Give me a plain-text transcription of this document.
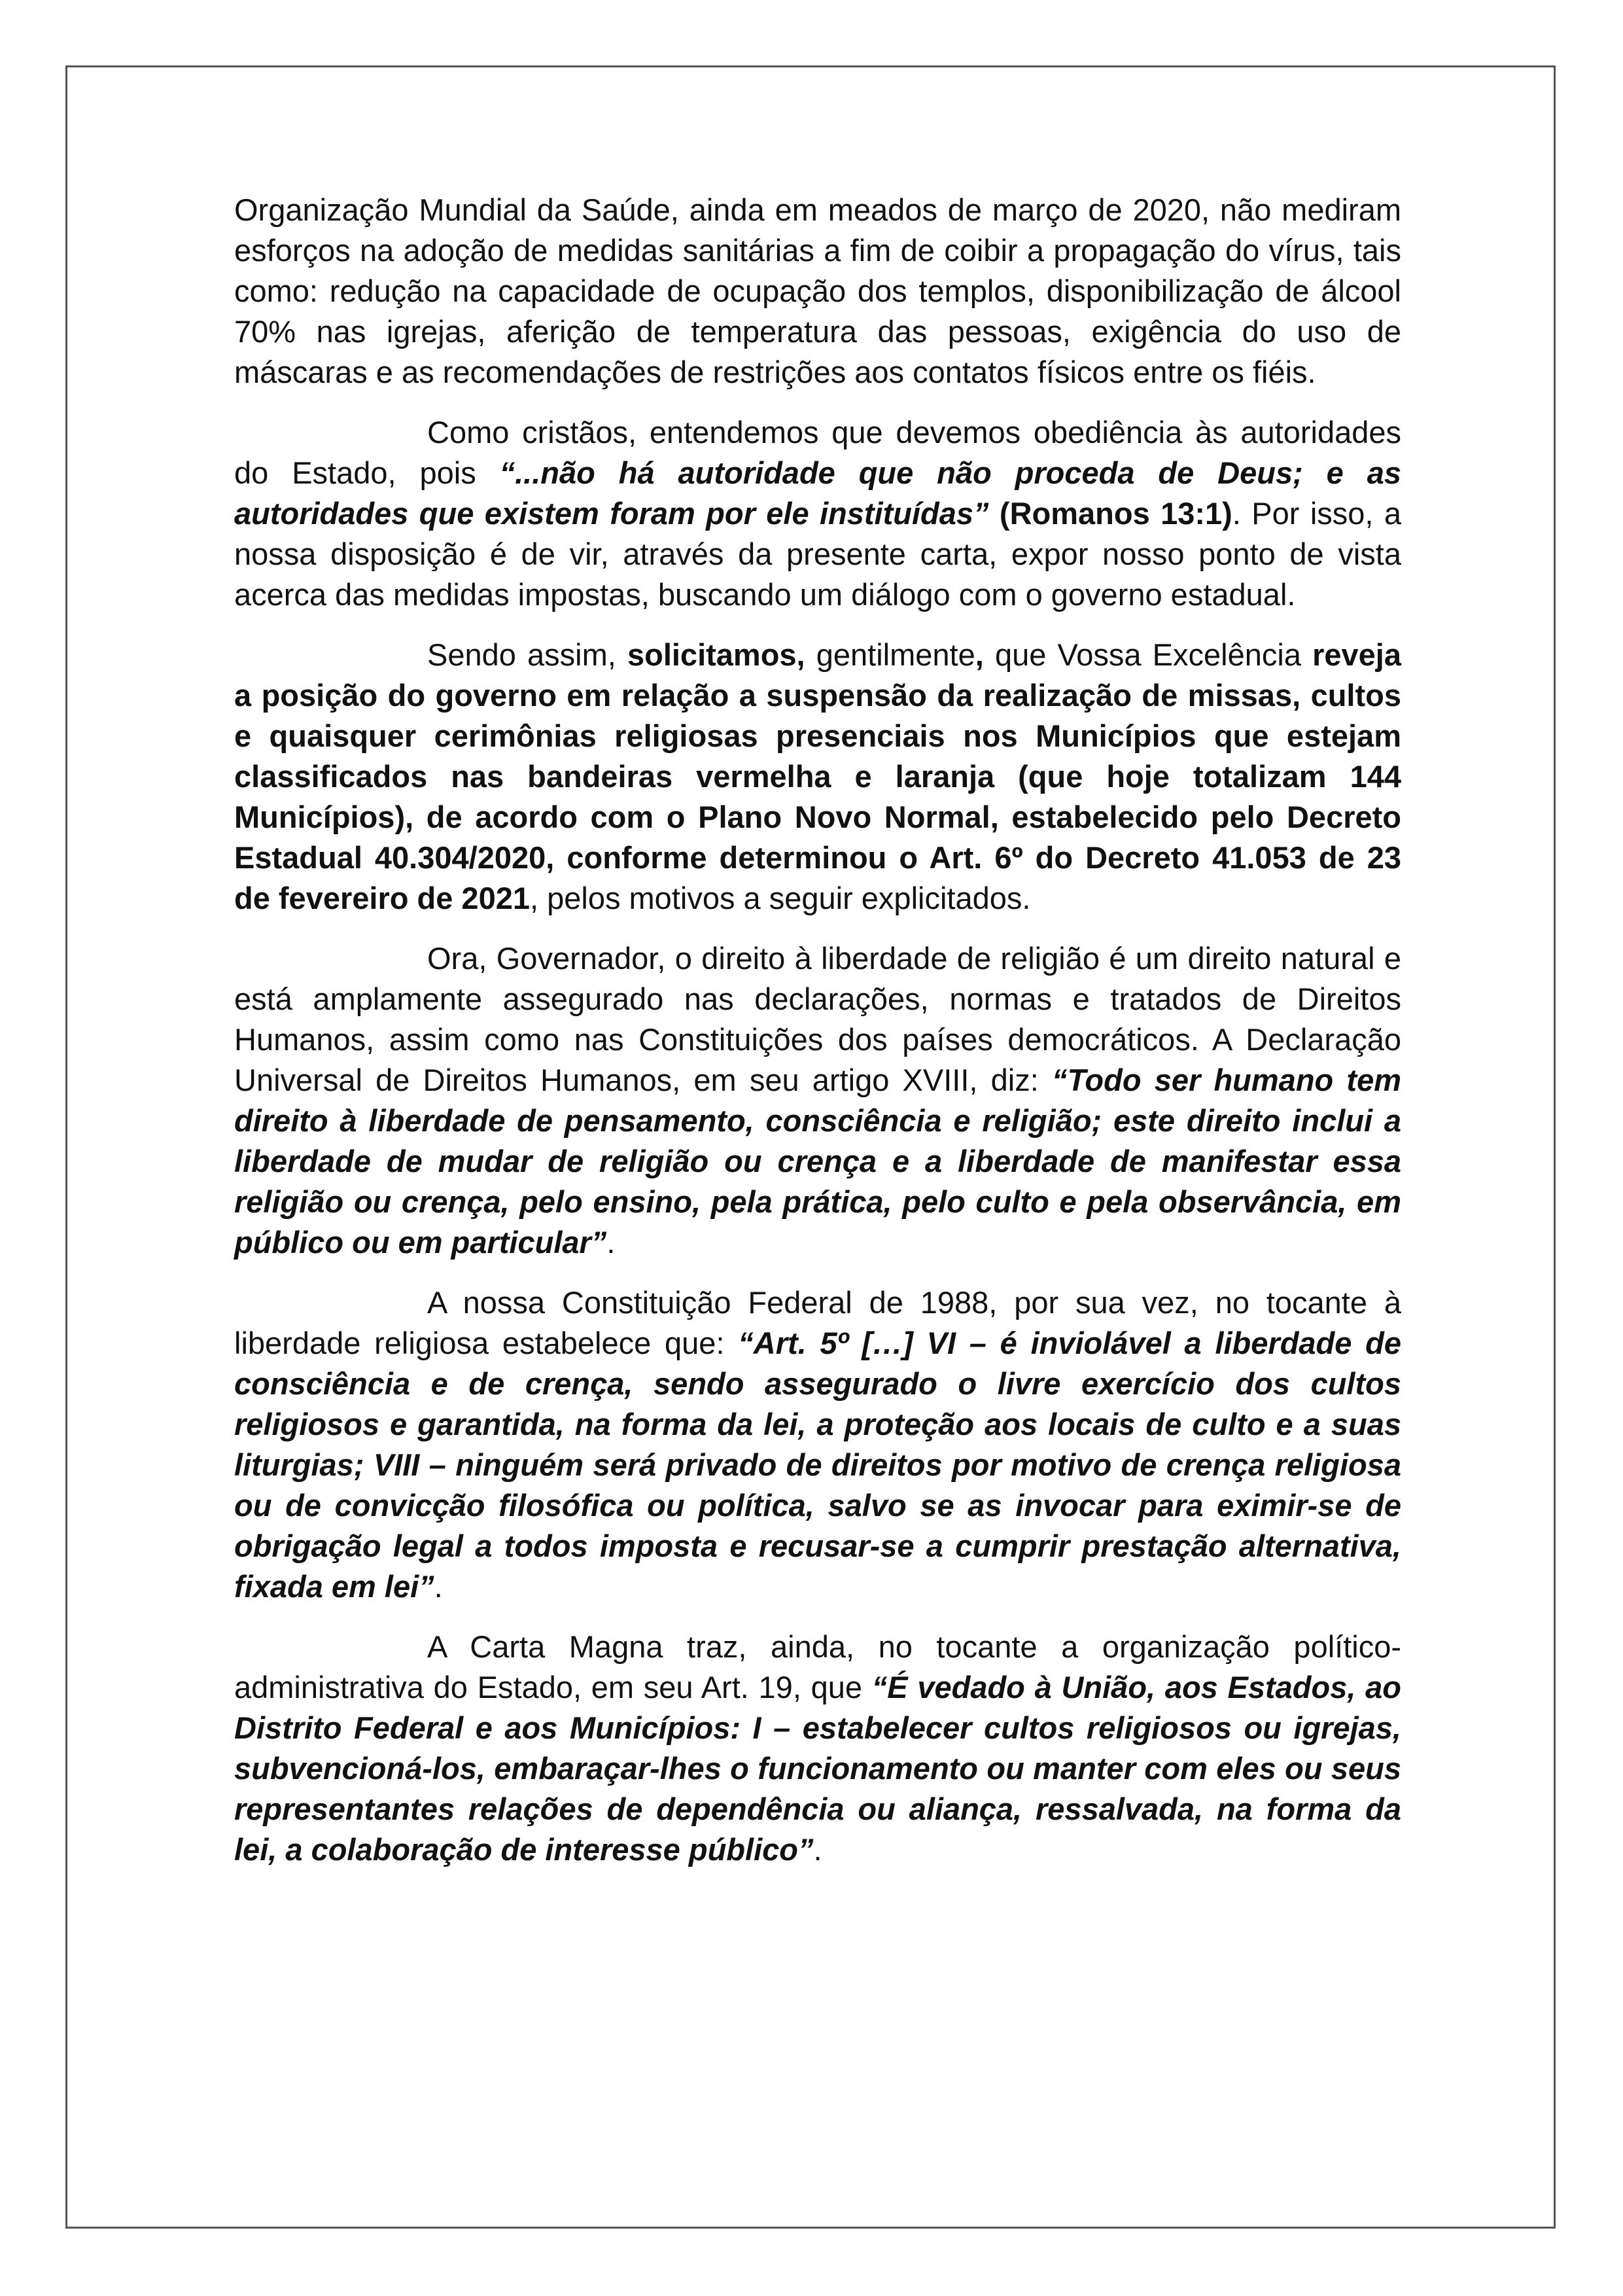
Organização Mundial da Saúde, ainda em meados de março de 2020, não mediram esforços na adoção de medidas sanitárias a fim de coibir a propagação do vírus, tais como: redução na capacidade de ocupação dos templos, disponibilização de álcool 70% nas igrejas, aferição de temperatura das pessoas, exigência do uso de máscaras e as recomendações de restrições aos contatos físicos entre os fiéis.

Como cristãos, entendemos que devemos obediência às autoridades do Estado, pois “...não há autoridade que não proceda de Deus; e as autoridades que existem foram por ele instituídas” (Romanos 13:1). Por isso, a nossa disposição é de vir, através da presente carta, expor nosso ponto de vista acerca das medidas impostas, buscando um diálogo com o governo estadual.

Sendo assim, solicitamos, gentilmente, que Vossa Excelência reveja a posição do governo em relação a suspensão da realização de missas, cultos e quaisquer cerimônias religiosas presenciais nos Municípios que estejam classificados nas bandeiras vermelha e laranja (que hoje totalizam 144 Municípios), de acordo com o Plano Novo Normal, estabelecido pelo Decreto Estadual 40.304/2020, conforme determinou o Art. 6º do Decreto 41.053 de 23 de fevereiro de 2021, pelos motivos a seguir explicitados.

Ora, Governador, o direito à liberdade de religião é um direito natural e está amplamente assegurado nas declarações, normas e tratados de Direitos Humanos, assim como nas Constituições dos países democráticos. A Declaração Universal de Direitos Humanos, em seu artigo XVIII, diz: “Todo ser humano tem direito à liberdade de pensamento, consciência e religião; este direito inclui a liberdade de mudar de religião ou crença e a liberdade de manifestar essa religião ou crença, pelo ensino, pela prática, pelo culto e pela observância, em público ou em particular”.

A nossa Constituição Federal de 1988, por sua vez, no tocante à liberdade religiosa estabelece que: “Art. 5º […] VI – é inviolável a liberdade de consciência e de crença, sendo assegurado o livre exercício dos cultos religiosos e garantida, na forma da lei, a proteção aos locais de culto e a suas liturgias; VIII – ninguém será privado de direitos por motivo de crença religiosa ou de convicção filosófica ou política, salvo se as invocar para eximir-se de obrigação legal a todos imposta e recusar-se a cumprir prestação alternativa, fixada em lei”.

A Carta Magna traz, ainda, no tocante a organização político-administrativa do Estado, em seu Art. 19, que “É vedado à União, aos Estados, ao Distrito Federal e aos Municípios: I – estabelecer cultos religiosos ou igrejas, subvencioná-los, embaraçar-lhes o funcionamento ou manter com eles ou seus representantes relações de dependência ou aliança, ressalvada, na forma da lei, a colaboração de interesse público”.
